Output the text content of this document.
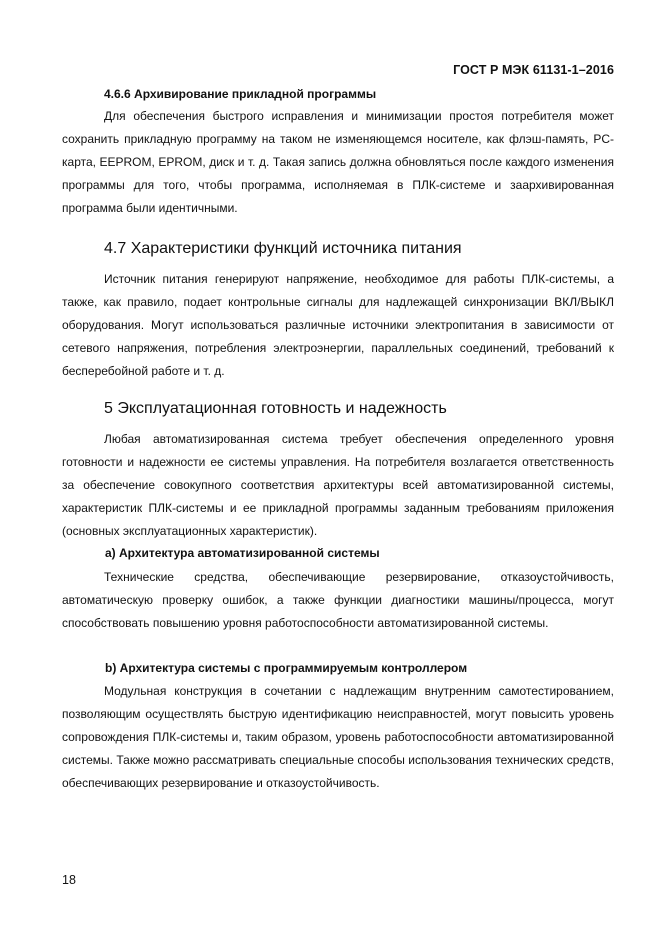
ГОСТ Р МЭК 61131-1–2016
4.6.6 Архивирование прикладной программы

Для обеспечения быстрого исправления и минимизации простоя потребителя может сохранить прикладную программу на таком не изменяющемся носителе, как флэш-память, PC-карта, EEPROM, EPROM, диск и т. д. Такая запись должна обновляться после каждого изменения программы для того, чтобы программа, исполняемая в ПЛК-системе и заархивированная программа были идентичными.

4.7 Характеристики функций источника питания

Источник питания генерируют напряжение, необходимое для работы ПЛК-системы, а также, как правило, подает контрольные сигналы для надлежащей синхронизации ВКЛ/ВЫКЛ оборудования. Могут использоваться различные источники электропитания в зависимости от сетевого напряжения, потребления электроэнергии, параллельных соединений, требований к бесперебойной работе и т. д.

5 Эксплуатационная готовность и надежность

Любая автоматизированная система требует обеспечения определенного уровня готовности и надежности ее системы управления. На потребителя возлагается ответственность за обеспечение совокупного соответствия архитектуры всей автоматизированной системы, характеристик ПЛК-системы и ее прикладной программы заданным требованиям приложения (основных эксплуатационных характеристик).

а) Архитектура автоматизированной системы

Технические средства, обеспечивающие резервирование, отказоустойчивость, автоматическую проверку ошибок, а также функции диагностики машины/процесса, могут способствовать повышению уровня работоспособности автоматизированной системы.

b) Архитектура системы с программируемым контроллером

Модульная конструкция в сочетании с надлежащим внутренним самотестированием, позволяющим осуществлять быструю идентификацию неисправностей, могут повысить уровень сопровождения ПЛК-системы и, таким образом, уровень работоспособности автоматизированной системы. Также можно рассматривать специальные способы использования технических средств, обеспечивающих резервирование и отказоустойчивость.

18
